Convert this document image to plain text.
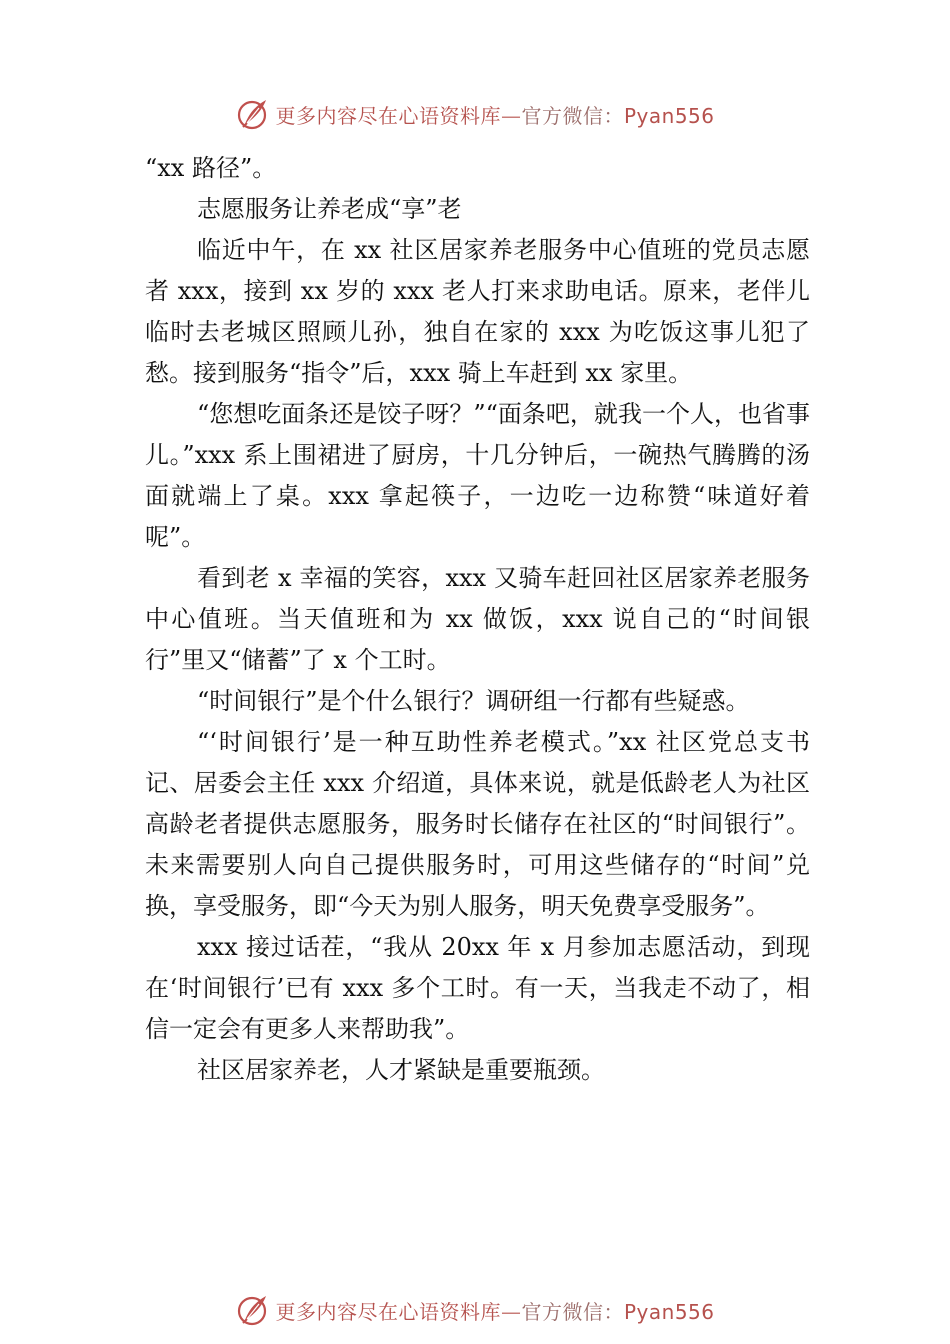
更多内容尽在心语资料库—官方微信：Pyan556

“xx 路径”。

志愿服务让养老成“享”老

临近中午，在 xx 社区居家养老服务中心值班的党员志愿者 xxx，接到 xx 岁的 xxx 老人打来求助电话。原来，老伴儿临时去老城区照顾儿孙，独自在家的 xxx 为吃饭这事儿犯了愁。接到服务“指令”后，xxx 骑上车赶到 xx 家里。

“您想吃面条还是饺子呀？”“面条吧，就我一个人，也省事儿。”xxx 系上围裙进了厨房，十几分钟后，一碗热气腾腾的汤面就端上了桌。xxx 拿起筷子，一边吃一边称赞“味道好着呢”。

看到老 x 幸福的笑容，xxx 又骑车赶回社区居家养老服务中心值班。当天值班和为 xx 做饭，xxx 说自己的“时间银行”里又“储蓄”了 x 个工时。

“时间银行”是个什么银行？调研组一行都有些疑惑。

“‘时间银行’是一种互助性养老模式。”xx 社区党总支书记、居委会主任 xxx 介绍道，具体来说，就是低龄老人为社区高龄老者提供志愿服务，服务时长储存在社区的“时间银行”。未来需要别人向自己提供服务时，可用这些储存的“时间”兑换，享受服务，即“今天为别人服务，明天免费享受服务”。

xxx 接过话茬，“我从 20xx 年 x 月参加志愿活动，到现在‘时间银行’已有 xxx 多个工时。有一天，当我走不动了，相信一定会有更多人来帮助我”。

社区居家养老，人才紧缺是重要瓶颈。

更多内容尽在心语资料库—官方微信：Pyan556
